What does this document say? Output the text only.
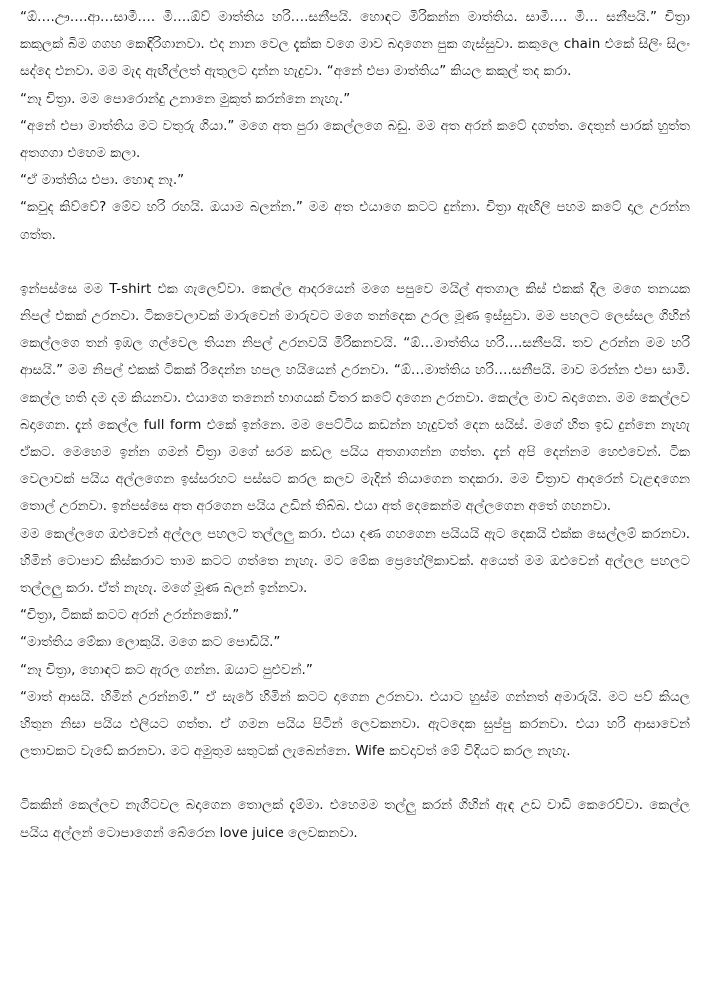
“ඕ….ඌ….ආ…සාමී…. මී….ඕව් මාත්තිය හරි….සනීපයි. හොඳට මිරිකන්න මාත්තිය. සාමී…. මී… සනීපයි.” චිත්‍රා කකුලක් බිම ගගහ කෙඳිරිගානවා. එද නාන වෙල දැක්ක වගෙ මාව බදාගෙන පුක ගැස්සුවා. කකුලෙ chain එකේ සිලිං සිලං සද්දෙ එනවා. මම මැද ඇඟිල්ලත් ඇතුලට දාන්න හැදුවා. “අනේ එපා මාත්තිය” කියල කකුල් තද කරා.

“නෑ චිත්‍රා. මම පොරොන්දු උනානෙ මුකුත් කරන්නෙ නැහැ.”

“අනේ එපා මාත්තිය මට වතුරු ගියා.” මගෙ අත පුරා කෙල්ලගෙ බඩු. මම අත අරන් කටේ දගත්ත. දෙතුන් පාරක් හුත්ත අතගගා එහෙම කලා.

“ඒ මාත්තිය එපා. හොඳ නෑ.”

“කවුද කිව්වේ? මේව හරි රහයි. ඔයාම බලන්න.” මම අත එයාගෙ කටට දුන්නා. චිත්‍රා ඇඟිලි පහම කටේ දාල උරන්න ගත්ත.

ඉන්පස්සෙ මම T-shirt එක ගැලෙව්වා. කෙල්ල ආදරයෙන් මගෙ පපුවෙ මයිල් අතගාල කිස් එකක් දීල මගෙ තනයක නිපල් එකක් උරනවා. ටිකවෙලාවක් මාරුවෙන් මාරුවට මගෙ තන්දෙක උරල මූණ ඉස්සුවා. මම පහලට ලෙස්සල ගිහින් කෙල්ලගෙ තන් ඉඹල ගල්වෙල තියන නිපල් උරනවයි මිරිකනවයි. “ඕ…මාත්තිය හරි….සනීපයි. තව උරන්න මම හරි ආසයි.” මම නිපල් එකක් ටිකක් රිදෙන්න හපල හයියෙන් උරනවා. “ඕ…මාත්තිය හරි….සනීපයි. මාව මරන්න එපා සාමී. කෙල්ල හති දම දම කියනවා. එයාගෙ තනෙන් භාගයක් විතර කටේ දාගෙන උරනවා. කෙල්ල මාව බදාගෙන. මම කෙල්ලව බදාගෙන. දැන් කෙල්ල full form එකේ ඉන්නෙ. මම පෙට්ටිය කඩන්න හැදුවත් දෙන සයිස්. මගේ හිත ඉඩ දුන්නෙ නැහැ ඒකට. මෙහෙම ඉන්න ගමන් චිත්‍රා මගේ සරම කඩල පයිය අතගාගන්න ගත්ත. දැන් අපි දෙන්නම හෙළුවෙන්. ටික වෙලාවක් පයිය අල්ලගෙන ඉස්සරහට පස්සට කරල කලව මැදින් තියාගෙන තදකරා. මම චිත්‍රාව ආදරෙන් වැළඳගෙන තොල් උරනවා. ඉන්පස්සෙ අත අරගෙන පයිය උඩින් තිබ්බ. එයා අත් දෙකෙන්ම අල්ලගෙන අතේ ගහනවා.

මම කෙල්ලගෙ ඔළුවෙන් අල්ලල පහලට තල්ලලු කරා. එයා දණ ගහගෙන පයියයි ඇට දෙකයි එක්ක සෙල්ලම් කරනවා. හිමින් ටොපාව කිස්කරාට තාම කටට ගත්තෙ නැහැ. මට මේක ප්‍රෙහේලිකාවක්. අයෙත් මම ඔළුවෙන් අල්ලල පහලට තල්ලලු කරා. ඒත් නැහැ. මගේ මූණ බලන් ඉන්නවා.

“චිත්‍රා, ටිකක් කටට අරන් උරන්නකෝ.”

“මාත්තිය මේකා ලොකුයි. මගෙ කට පොඩියි.”

“නෑ චිත්‍රා, හොඳට කට ඇරල ගන්න. ඔයාට පුළුවන්.”

“මාත් ආසයි. හිමින් උරන්නම්.” ඒ සැරේ හිමින් කටට දාගෙන උරනවා. එයාට හුස්ම ගන්නත් අමාරුයි. මට පව් කියල හිතුන නිසා පයිය එලියට ගත්ත. ඒ ගමන පයිය පිටින් ලෙවකනවා. ඇටදෙක සුප්පු කරනවා. එයා හරි ආසාවෙන් ලතාවකට වැඩේ කරනවා. මට අමුතුම සතුටක් ලැබෙන්නෙ. Wife කවදාවත් මේ විදියට කරල නැහැ.

ටිකකින් කෙල්ලව නැගිටවල බදාගෙන තොලක් දැම්මා. එහෙමම තල්ලු කරන් ගිහින් ඇඳ උඩ වාඩි කෙරෙව්වා. කෙල්ල පයිය අල්ලන් ටොපාගෙන් බේරෙන love juice ලෙවකනවා.
